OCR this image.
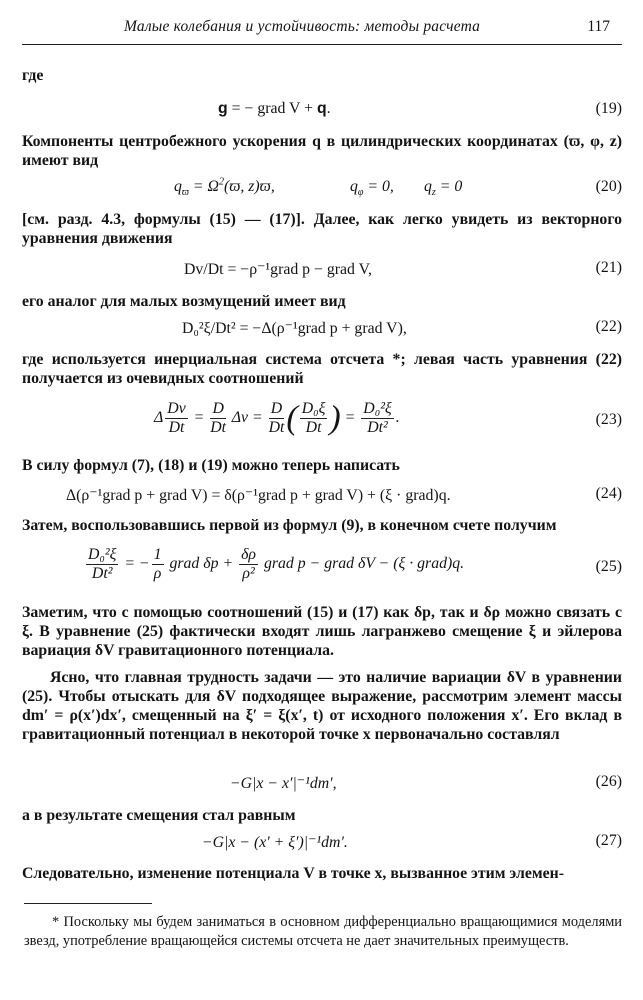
Малые колебания и устойчивость: методы расчета	117
где
g = − grad V + q.	(19)
Компоненты центробежного ускорения q в цилиндрических координатах (ϖ, φ, z) имеют вид
$q_ϖ = \Omega^2(ϖ$, z)ϖ,	$q_\varphi = 0$, $q_z = 0$	(20)
[см. разд. 4.3, формулы (15) — (17)]. Далее, как легко увидеть из векторного уравнения движения
Dv/Dt = −ρ⁻¹grad p − grad V,	(21)
его аналог для малых возмущений имеет вид
D₀²ξ/Dt² = −Δ(ρ⁻¹grad p + grad V),	(22)
где используется инерциальная система отсчета *; левая часть уравнения (22) получается из очевидных соотношений
Δ $\frac{Dv}{Dt} = \frac{D}{Dt}$ $\Delta v = \frac{D}{Dt}$ ( $\frac{\text{D₀ξ}}{Dt}$ ) = $\frac{\text{D₀²ξ}}{\text{Dt²}}$ .	(23)
В силу формул (7), (18) и (19) можно теперь написать
Δ(ρ⁻¹grad p + grad V) = δ(ρ⁻¹grad p + grad V) + (ξ · grad)q.	(24)
Затем, воспользовавшись первой из формул (9), в конечном счете получим
$\frac{\text{D₀²ξ}}{\text{Dt²}}$ = − $\frac{1}{\rho}$ grad $\delta p + \frac{\delta\rho}{\text{ρ²}}$ grad p − grad δV − (ξ · grad)q.	(25)
Заметим, что с помощью соотношений (15) и (17) как δp, так и δρ можно связать с ξ. В уравнение (25) фактически входят лишь лагранжево смещение ξ и эйлерова вариация δV гравитационного потенциала.
Ясно, что главная трудность задачи — это наличие вариации δV в уравнении (25). Чтобы отыскать для δV подходящее выражение, рассмотрим элемент массы dm′ = ρ(x′)dx′, смещенный на ξ′ = ξ(x′, t) от исходного положения x′. Его вклад в гравитационный потенциал в некоторой точке x первоначально составлял
−G|x − x′|⁻¹dm′,	(26)
а в результате смещения стал равным
−G|x − (x′ + ξ′)|⁻¹dm′.	(27)
Следовательно, изменение потенциала V в точке x, вызванное этим элемен-

* Поскольку мы будем заниматься в основном дифференциально вращающимися моделями звезд, употребление вращающейся системы отсчета не дает значительных преимуществ.
